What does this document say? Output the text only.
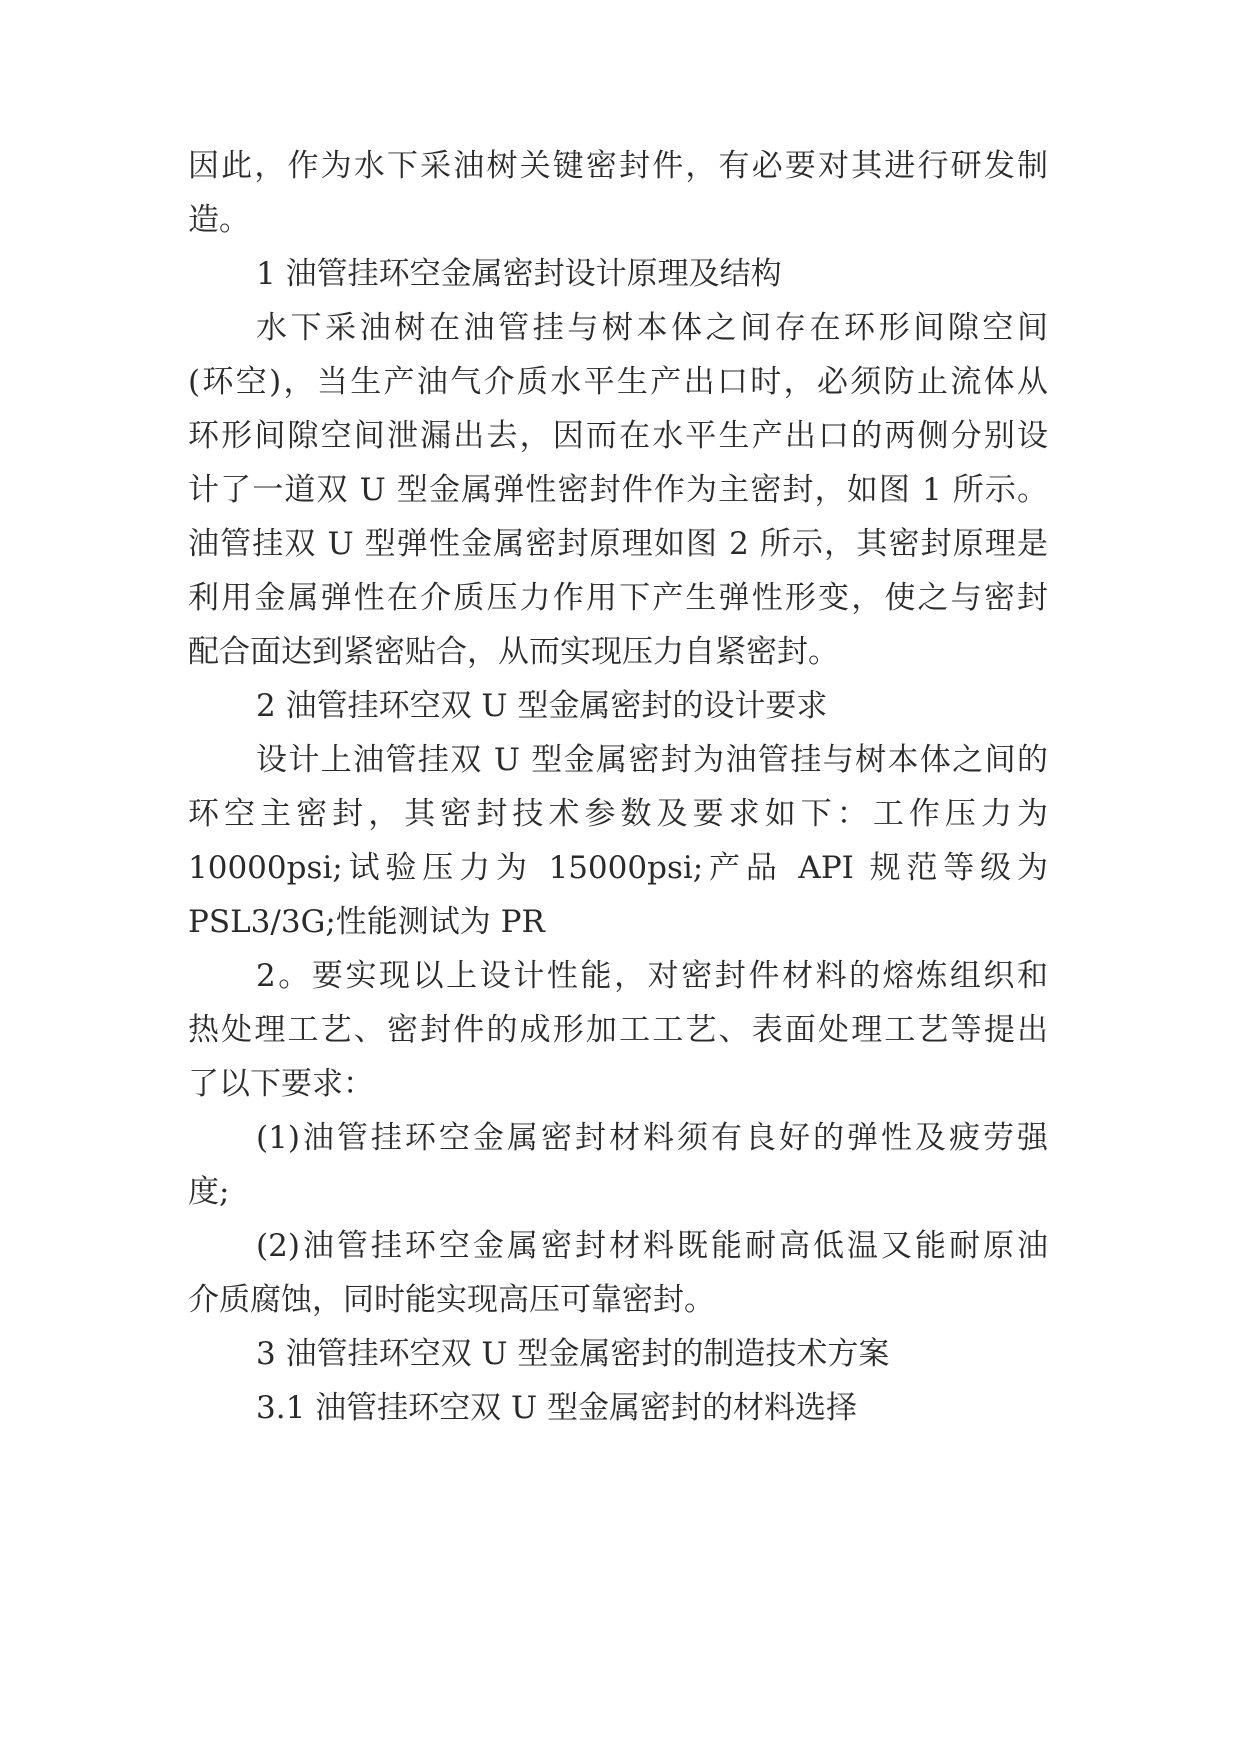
因此，作为水下采油树关键密封件，有必要对其进行研发制
造。
1 油管挂环空金属密封设计原理及结构
水下采油树在油管挂与树本体之间存在环形间隙空间
(环空)，当生产油气介质水平生产出口时，必须防止流体从
环形间隙空间泄漏出去，因而在水平生产出口的两侧分别设
计了一道双 U 型金属弹性密封件作为主密封，如图 1 所示。
油管挂双 U 型弹性金属密封原理如图 2 所示，其密封原理是
利用金属弹性在介质压力作用下产生弹性形变，使之与密封
配合面达到紧密贴合，从而实现压力自紧密封。
2 油管挂环空双 U 型金属密封的设计要求
设计上油管挂双 U 型金属密封为油管挂与树本体之间的
环空主密封，其密封技术参数及要求如下：工作压力为
10000psi;试验压力为 15000psi;产品 API 规范等级为
PSL3/3G;性能测试为 PR
2。要实现以上设计性能，对密封件材料的熔炼组织和
热处理工艺、密封件的成形加工工艺、表面处理工艺等提出
了以下要求：
(1)油管挂环空金属密封材料须有良好的弹性及疲劳强
度;
(2)油管挂环空金属密封材料既能耐高低温又能耐原油
介质腐蚀，同时能实现高压可靠密封。
3 油管挂环空双 U 型金属密封的制造技术方案
3.1 油管挂环空双 U 型金属密封的材料选择
